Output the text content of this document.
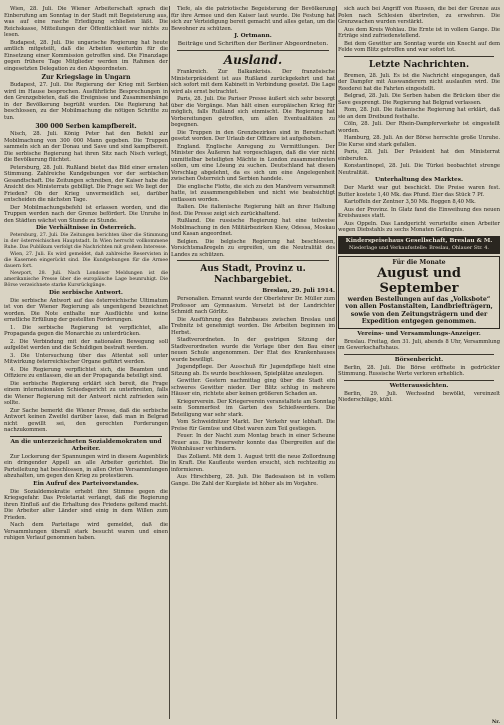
Wien, 28. Juli. Die Wiener Arbeiterschaft sprach die Einberufung am Sonntag in der Stadt mit Begeisterung aus, was auf eine rasche Erledigung schließen läßt. Die Reichskasse, Mitteilungen der Öffentlichkeit war nichts zu lesen.

Budapest, 28. Juli. Die ungarische Regierung hat heute amtlich mitgeteilt, daß die Arbeiten weiterhin für die Einsetzung einer Kommission getroffen sind. Die Finanzlage gegen frühere Tage Mitglieder werden im Rahmen der eingesetzten Delegation zu den Abgeordneten.

Zur Kriegslage in Ungarn

Budapest, 27. Juli. Die Regierung der Krieg mit Serbien wird im Hause besprochen. Ausführliche Besprechungen in den Grenzgebieten, daß die Ereignisse und Zusammenhänge in der Bevölkerung begrüßt wurden. Die Regierung hat beschlossen, zu der Mobilmachung die nötigen Schritte zu tun.

300 000 Serben kampfbereit.

Nisch, 28. Juli. König Peter hat den Befehl zur Mobilmachung von 300 000 Mann gegeben. Die Truppen sammeln sich an der Donau und Save und sind kampfbereit. Die serbische Regierung hat ihren Sitz nach Nisch verlegt, die Bevölkerung flüchtet.

Petersburg, 28. Juli. Rußland bietet das Bild einer ernsten Stimmung. Zahlreiche Kundgebungen vor der serbischen Gesandtschaft. Die Zeitungen schreiben, der Kaiser habe die Ansicht des Ministerrats gebilligt. Die Frage sei: Wo liegt der Frieden? Ob der Krieg unvermeidlich sei, darüber entscheiden die nächsten Tage.

Der Mobilmachungsbefehl ist erlassen worden, und die Truppen werden nach der Grenze befördert. Die Unruhe in den Städten wächst von Stunde zu Stunde.

Die Verhältnisse in Österreich.

Petersburg, 27. Juli. Die Zeitungen berichten über die Stimmung in der österreichischen Hauptstadt. In Wien herrscht vollkommene Ruhe. Das Publikum verfolgt die Nachrichten mit großem Interesse.

Wien, 27. Juli. Es wird gemeldet, daß zahlreiche Reservisten in die Kasernen eingerückt sind. Die Kundgebungen für die Armee dauern fort.

Newport, 28. Juli. Nach Londoner Meldungen ist die amerikanische Presse über die europäische Lage beunruhigt. Die Börse verzeichnete starke Kursrückgänge.

Die serbische Antwort.

Die serbische Antwort auf das österreichische Ultimatum ist von der Wiener Regierung als ungenügend bezeichnet worden. Die Note enthalte nur Ausflüchte und keine ernstliche Erfüllung der gestellten Forderungen.

1. Die serbische Regierung ist verpflichtet, alle Propaganda gegen die Monarchie zu unterdrücken.

2. Die Verbindung mit der nationalen Bewegung soll aufgelöst werden und die Schuldigen bestraft werden.

3. Die Untersuchung über das Attentat soll unter Mitwirkung österreichischer Organe geführt werden.

4. Die Regierung verpflichtet sich, die Beamten und Offiziere zu entlassen, die an der Propaganda beteiligt sind.

Die serbische Regierung erklärt sich bereit, die Frage einem internationalen Schiedsgericht zu unterbreiten, falls die Wiener Regierung mit der Antwort nicht zufrieden sein sollte.

Zur Sache bemerkt die Wiener Presse, daß die serbische Antwort keinen Zweifel darüber lasse, daß man in Belgrad nicht gewillt sei, den gerechten Forderungen nachzukommen.

An die unterzeichneten Sozialdemokraten und Arbeiter.

Zur Lockerung der Spannungen wird in diesem Augenblick ein dringender Appell an alle Arbeiter gerichtet. Die Parteileitung hat beschlossen, in allen Orten Versammlungen abzuhalten, um gegen den Krieg zu protestieren.

Ein Aufruf des Parteivorstandes.

Die Sozialdemokratie erhebt ihre Stimme gegen die Kriegsgefahr. Das Proletariat verlangt, daß die Regierung ihren Einfluß auf die Erhaltung des Friedens geltend macht. Die Arbeiter aller Länder sind einig in dem Willen zum Frieden.

Nach dem Parteitage wird gemeldet, daß die Versammlungen überall stark besucht waren und einen ruhigen Verlauf genommen haben.

Tiefe, als die patriotische Begeisterung der Bevölkerung für ihre Armee und den Kaiser laut wurde. Die Festung hat sich zur Verteidigung bereit gemacht und alles getan, um die Bewohner zu schützen.

J. Ortmann.
Beiträge und Schriften der Berliner Abgeordneten.
Ausland.

Frankreich. Zur Balkankrisis. Der französische Ministerpräsident ist aus Rußland zurückgekehrt und hat sich sofort mit dem Kabinett in Verbindung gesetzt. Die Lage wird als ernst betrachtet.

Paris, 28. Juli. Die Pariser Presse äußert sich sehr besorgt über die Vorgänge. Man hält einen europäischen Krieg für möglich, falls Rußland sich einmischt. Die Regierung hat Vorbereitungen getroffen, um allen Eventualitäten zu begegnen.

Die Truppen in den Grenzbezirken sind in Bereitschaft gesetzt worden. Der Urlaub der Offiziere ist aufgehoben.

England. Englische Anregung zu Vermittlungen. Der Minister des Äußeren hat vorgeschlagen, daß die vier nicht unmittelbar beteiligten Mächte in London zusammentreten sollen, um eine Lösung zu suchen. Deutschland hat diesen Vorschlag abgelehnt, da es sich um eine Angelegenheit zwischen Österreich und Serbien handele.

Die englische Flotte, die sich zu den Manövern versammelt hatte, ist zusammengeblieben und nicht wie beabsichtigt entlassen worden.

Italien. Die italienische Regierung hält an ihrer Haltung fest. Die Presse zeigt sich zurückhaltend.

Rußland. Die russische Regierung hat eine teilweise Mobilmachung in den Militärbezirken Kiew, Odessa, Moskau und Kasan angeordnet.

Belgien. Die belgische Regierung hat beschlossen, Vorsichtsmaßregeln zu ergreifen, um die Neutralität des Landes zu schützen.

Aus Stadt, Provinz u. Nachbargebiet.
Breslau, 29. Juli 1914.

Personalien. Ernannt wurde der Oberlehrer Dr. Müller zum Professor am Gymnasium. Versetzt ist der Landrichter Schmidt nach Görlitz.

Die Ausführung des Bahnbaues zwischen Breslau und Trebnitz ist genehmigt worden. Die Arbeiten beginnen im Herbst.

Stadtverordneten. In der gestrigen Sitzung der Stadtverordneten wurde die Vorlage über den Bau einer neuen Schule angenommen. Der Etat des Krankenhauses wurde bewilligt.

Jugendpflege. Der Ausschuß für Jugendpflege hielt eine Sitzung ab. Es wurde beschlossen, Spielplätze anzulegen.

Gewitter. Gestern nachmittag ging über die Stadt ein schweres Gewitter nieder. Der Blitz schlug in mehrere Häuser ein, richtete aber keinen größeren Schaden an.

Kriegerverein. Der Kriegerverein veranstaltete am Sonntag sein Sommerfest im Garten des Schießwerders. Die Beteiligung war sehr stark.

Vom Schweidnitzer Markt. Der Verkehr war lebhaft. Die Preise für Gemüse und Obst waren zum Teil gestiegen.

Feuer. In der Nacht zum Montag brach in einer Scheune Feuer aus. Die Feuerwehr konnte das Übergreifen auf die Wohnhäuser verhindern.

Das Zollamt. Mit dem 1. August tritt die neue Zollordnung in Kraft. Die Kaufleute werden ersucht, sich rechtzeitig zu informieren.

Aus Hirschberg, 28. Juli. Die Badesaison ist in vollem Gange. Die Zahl der Kurgäste ist höher als im Vorjahre.

sich auch bei Angriff von Russen, die bei der Grenze aus Polen nach Schlesien übertreten, zu erwehren. Die Grenzwachen wurden verstärkt.

Aus dem Kreis Wohlau. Die Ernte ist in vollem Gange. Die Erträge sind zufriedenstellend.

Bei dem Gewitter am Sonntag wurde ein Knecht auf dem Felde vom Blitz getroffen und war sofort tot.

Letzte Nachrichten.

Bremen, 28. Juli. Es ist die Nachricht eingegangen, daß der Dampfer mit Auswanderern nicht auslaufen wird. Die Reederei hat die Fahrten eingestellt.

Belgrad, 28. Juli. Die Serben haben die Brücken über die Save gesprengt. Die Regierung hat Belgrad verlassen.

Rom, 28. Juli. Die italienische Regierung hat erklärt, daß sie an dem Dreibund festhalte.

Cöln, 28. Juli. Der Rhein-Dampferverkehr ist eingestellt worden.

Hamburg, 28. Juli. An der Börse herrschte große Unruhe. Die Kurse sind stark gefallen.

Paris, 28. Juli. Der Präsident hat den Ministerrat einberufen.

Konstantinopel, 28. Juli. Die Türkei beobachtet strenge Neutralität.

Unterhaltung des Marktes.

Der Markt war gut beschickt. Die Preise waren fest. Butter kostete 1,40 Mk. das Pfund. Eier das Stück 7 Pf.

Kartoffeln der Zentner 3,50 Mk. Roggen 8,40 Mk.

Aus der Provinz. In Glatz fand die Einweihung des neuen Kreishauses statt.

Aus Oppeln. Das Landgericht verurteilte einen Arbeiter wegen Diebstahls zu sechs Monaten Gefängnis.

Kinderspeisehaus Gesellschaft, Breslau & M.
Niederlage und Verkaufsstelle: Breslau, Ohlauer Str. 4.
Für die Monate
August und September
werden Bestellungen auf das „Volksbote“ von allen Postanstalten, Landbriefträgern, sowie von den Zeitungsträgern und der Expedition entgegen genommen.
Vereins- und Versammlungs-Anzeiger.

Breslau. Freitag, den 31. Juli, abends 8 Uhr, Versammlung im Gewerkschaftshaus.

Börsenbericht.

Berlin, 28. Juli. Die Börse eröffnete in gedrückter Stimmung. Russische Werte verloren erheblich.

Wetteraussichten.

Berlin, 29. Juli. Wechselnd bewölkt, vereinzelt Niederschläge, kühl.

Nr.
